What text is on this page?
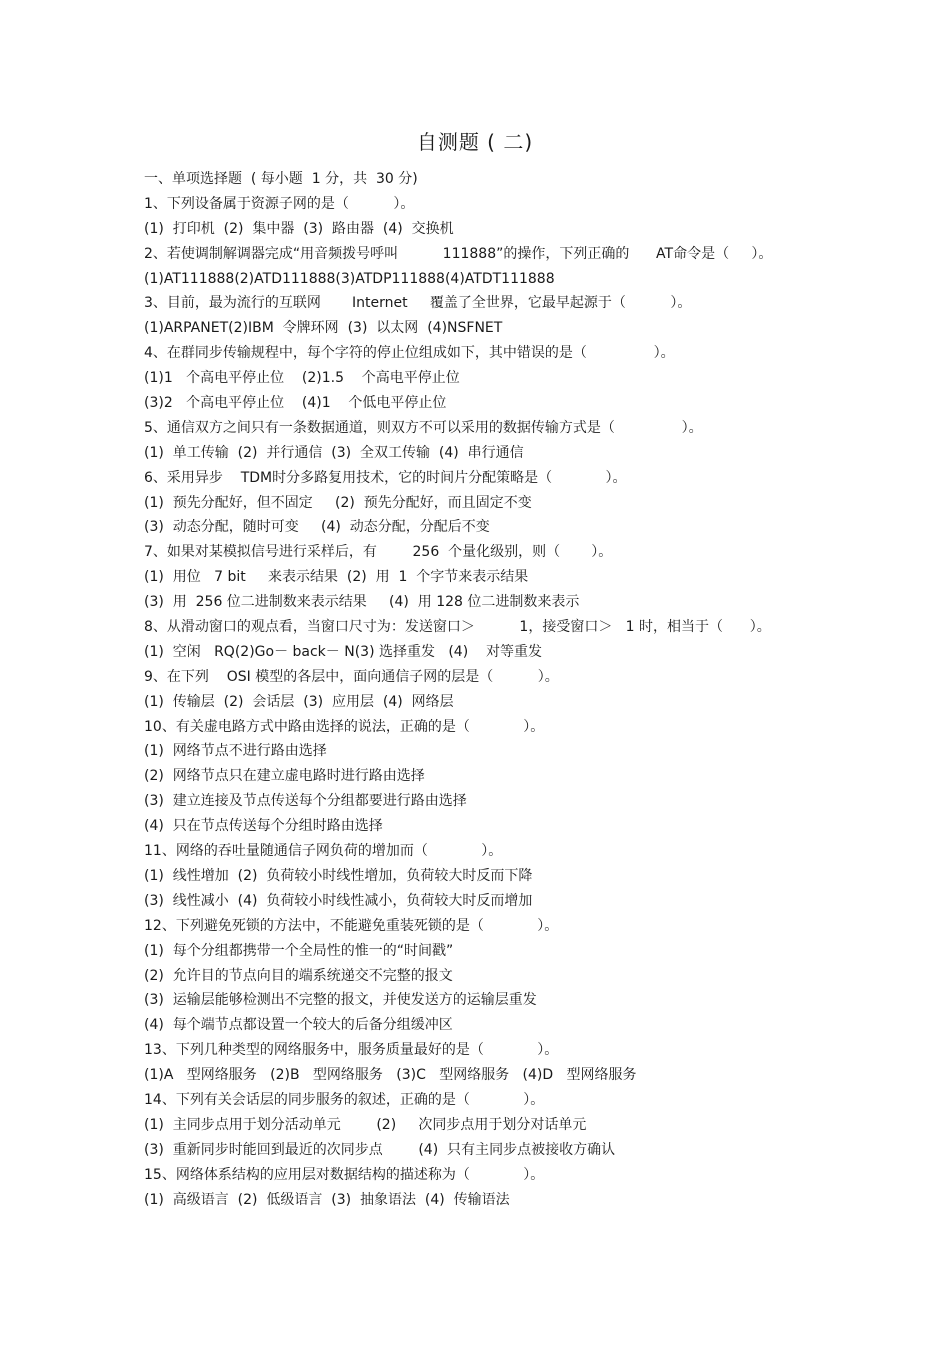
自测题 ( 二)
一、单项选择题  ( 每小题  1 分，共  30 分)
1、下列设备属于资源子网的是（          ）。
(1)  打印机  (2)  集中器  (3)  路由器  (4)  交换机
2、若使调制解调器完成“用音频拨号呼叫          111888”的操作，下列正确的      AT命令是（     ）。
(1)AT111888(2)ATD111888(3)ATDP111888(4)ATDT111888
3、目前，最为流行的互联网       Internet     覆盖了全世界，它最早起源于（          ）。
(1)ARPANET(2)IBM  令牌环网  (3)  以太网  (4)NSFNET
4、在群同步传输规程中，每个字符的停止位组成如下，其中错误的是（               ）。
(1)1   个高电平停止位    (2)1.5    个高电平停止位
(3)2   个高电平停止位    (4)1    个低电平停止位
5、通信双方之间只有一条数据通道，则双方不可以采用的数据传输方式是（               ）。
(1)  单工传输  (2)  并行通信  (3)  全双工传输  (4)  串行通信
6、采用异步    TDM时分多路复用技术，它的时间片分配策略是（            ）。
(1)  预先分配好，但不固定     (2)  预先分配好，而且固定不变
(3)  动态分配，随时可变     (4)  动态分配，分配后不变
7、如果对某模拟信号进行采样后，有        256  个量化级别，则（       ）。
(1)  用位   7 bit     来表示结果  (2)  用  1  个字节来表示结果
(3)  用  256 位二进制数来表示结果     (4)  用 128 位二进制数来表示
8、从滑动窗口的观点看，当窗口尺寸为：发送窗口＞          1，接受窗口＞   1 时，相当于（      ）。
(1)  空闲   RQ(2)Go－ back－ N(3) 选择重发   (4)    对等重发
9、在下列    OSI 模型的各层中，面向通信子网的层是（          ）。
(1)  传输层  (2)  会话层  (3)  应用层  (4)  网络层
10、有关虚电路方式中路由选择的说法，正确的是（            ）。
(1)  网络节点不进行路由选择
(2)  网络节点只在建立虚电路时进行路由选择
(3)  建立连接及节点传送每个分组都要进行路由选择
(4)  只在节点传送每个分组时路由选择
11、网络的吞吐量随通信子网负荷的增加而（            ）。
(1)  线性增加  (2)  负荷较小时线性增加，负荷较大时反而下降
(3)  线性减小  (4)  负荷较小时线性减小，负荷较大时反而增加
12、下列避免死锁的方法中，不能避免重装死锁的是（            ）。
(1)  每个分组都携带一个全局性的惟一的“时间戳”
(2)  允许目的节点向目的端系统递交不完整的报文
(3)  运输层能够检测出不完整的报文，并使发送方的运输层重发
(4)  每个端节点都设置一个较大的后备分组缓冲区
13、下列几种类型的网络服务中，服务质量最好的是（            ）。
(1)A   型网络服务   (2)B   型网络服务   (3)C   型网络服务   (4)D   型网络服务
14、下列有关会话层的同步服务的叙述，正确的是（            ）。
(1)  主同步点用于划分活动单元        (2)     次同步点用于划分对话单元
(3)  重新同步时能回到最近的次同步点        (4)  只有主同步点被接收方确认
15、网络体系结构的应用层对数据结构的描述称为（            ）。
(1)  高级语言  (2)  低级语言  (3)  抽象语法  (4)  传输语法
